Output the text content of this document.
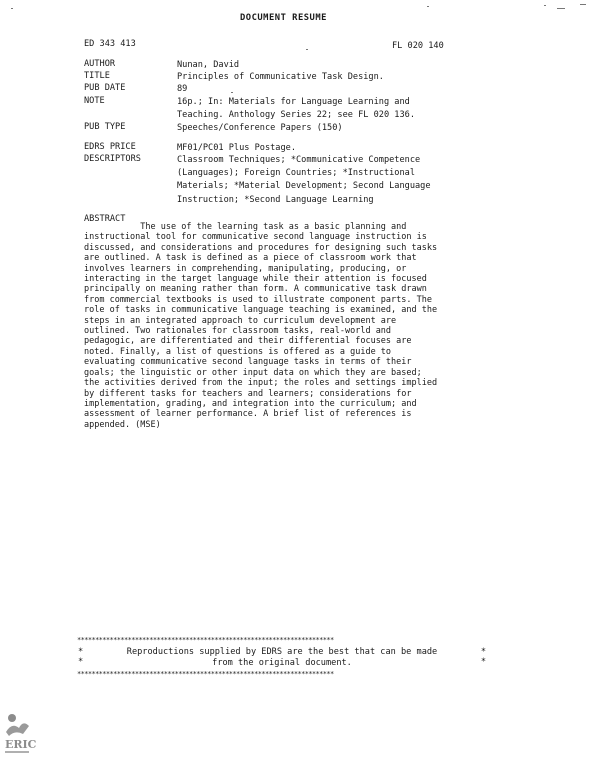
DOCUMENT RESUME
ED 343 413	FL 020 140
AUTHOR	Nunan, David
TITLE	Principles of Communicative Task Design.
PUB DATE	89
NOTE	16p.; In: Materials for Language Learning and
Teaching. Anthology Series 22; see FL 020 136.
PUB TYPE	Speeches/Conference Papers (150)
EDRS PRICE	MF01/PC01 Plus Postage.
DESCRIPTORS	Classroom Techniques; *Communicative Competence
(Languages); Foreign Countries; *Instructional
Materials; *Material Development; Second Language
Instruction; *Second Language Learning
ABSTRACT
The use of the learning task as a basic planning and
instructional tool for communicative second language instruction is
discussed, and considerations and procedures for designing such tasks
are outlined. A task is defined as a piece of classroom work that
involves learners in comprehending, manipulating, producing, or
interacting in the target language while their attention is focused
principally on meaning rather than form. A communicative task drawn
from commercial textbooks is used to illustrate component parts. The
role of tasks in communicative language teaching is examined, and the
steps in an integrated approach to curriculum development are
outlined. Two rationales for classroom tasks, real-world and
pedagogic, are differentiated and their differential focuses are
noted. Finally, a list of questions is offered as a guide to
evaluating communicative second language tasks in terms of their
goals; the linguistic or other input data on which they are based;
the activities derived from the input; the roles and settings implied
by different tasks for teachers and learners; considerations for
implementation, grading, and integration into the curriculum; and
assessment of learner performance. A brief list of references is
appended. (MSE)
***********************************************************************
*	*
*	*
Reproductions supplied by EDRS are the best that can be made
from the original document.
***********************************************************************
ERIC
